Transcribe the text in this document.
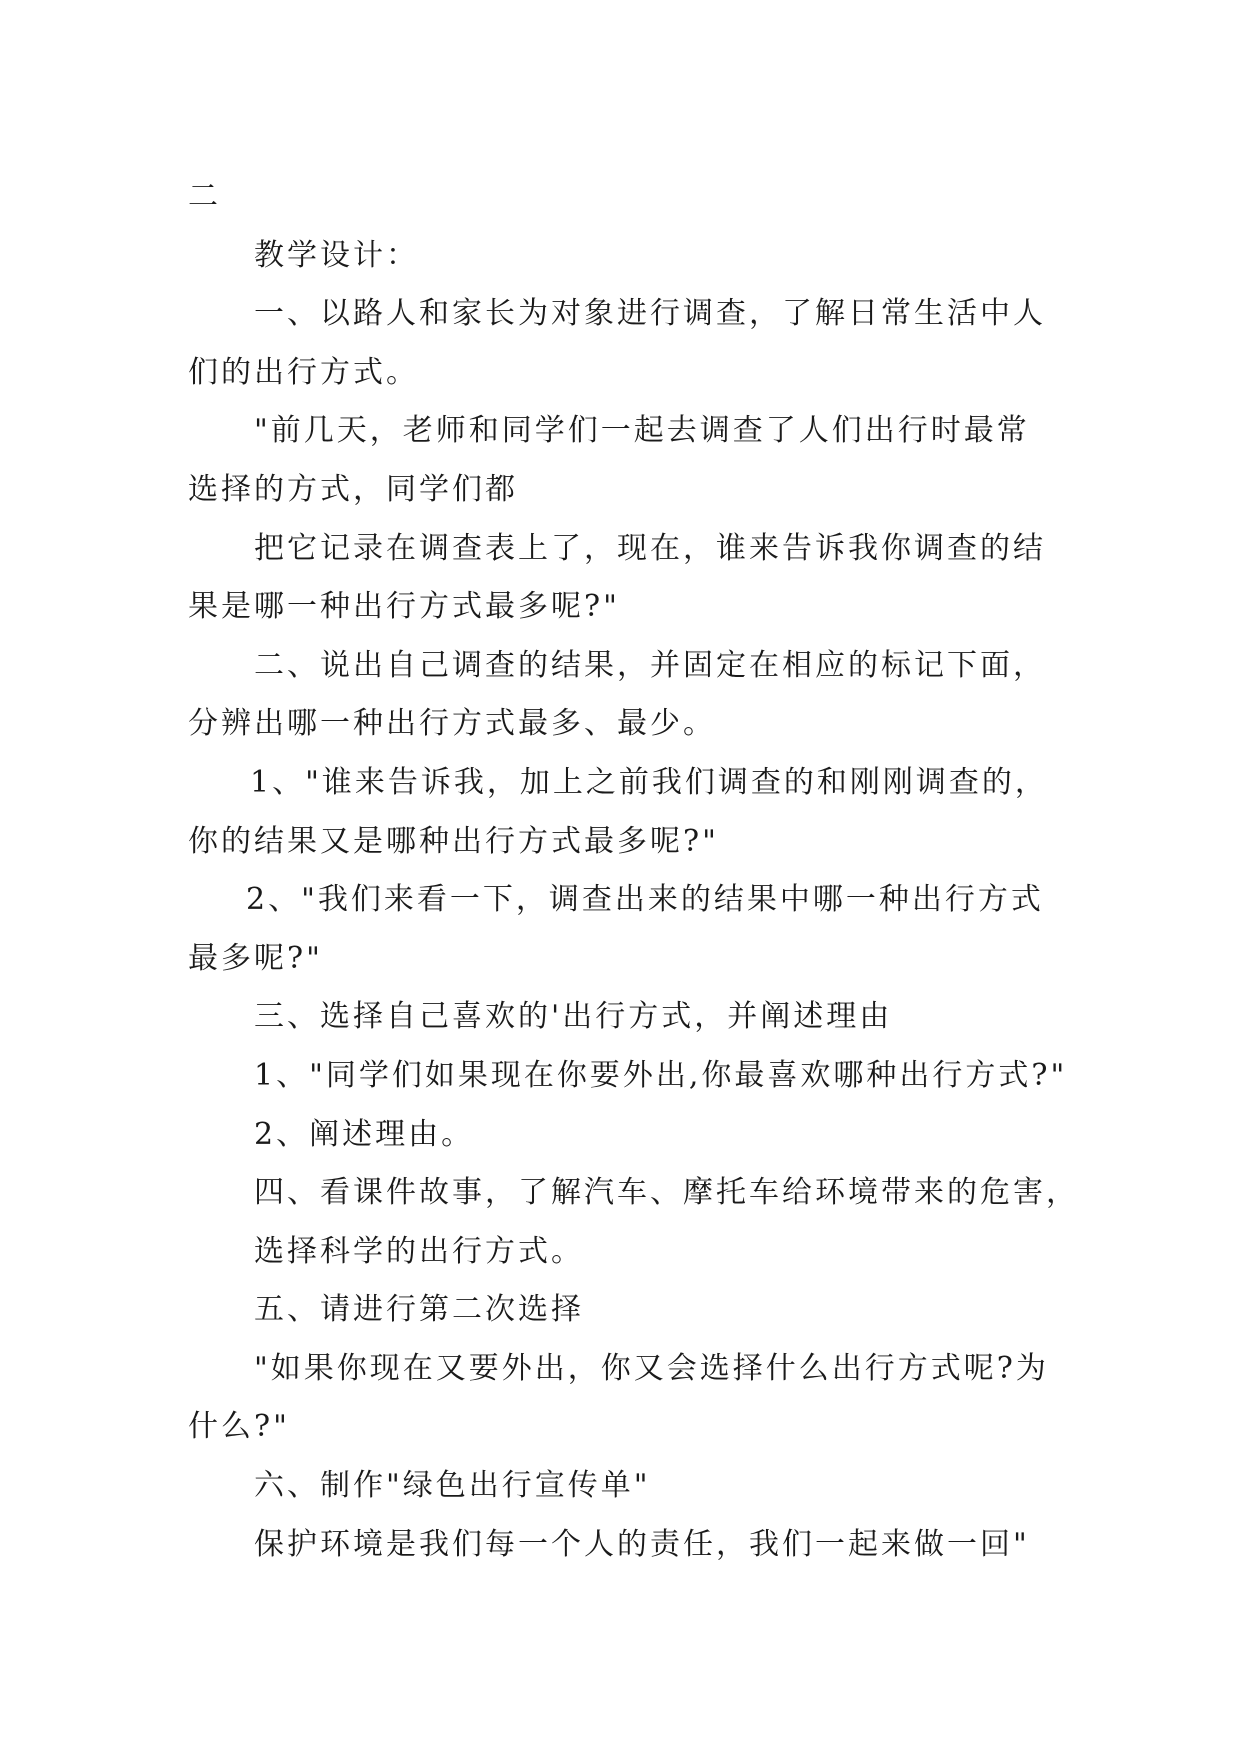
二
教学设计：
一、以路人和家长为对象进行调查，了解日常生活中人
们的出行方式。
"前几天，老师和同学们一起去调查了人们出行时最常
选择的方式，同学们都
把它记录在调查表上了，现在，谁来告诉我你调查的结
果是哪一种出行方式最多呢?"
二、说出自己调查的结果，并固定在相应的标记下面，
分辨出哪一种出行方式最多、最少。
1、"谁来告诉我，加上之前我们调查的和刚刚调查的，
你的结果又是哪种出行方式最多呢?"
2、"我们来看一下，调查出来的结果中哪一种出行方式
最多呢?"
三、选择自己喜欢的'出行方式，并阐述理由
1、"同学们如果现在你要外出,你最喜欢哪种出行方式?"
2、阐述理由。
四、看课件故事，了解汽车、摩托车给环境带来的危害，
选择科学的出行方式。
五、请进行第二次选择
"如果你现在又要外出，你又会选择什么出行方式呢?为
什么?"
六、制作"绿色出行宣传单"
保护环境是我们每一个人的责任，我们一起来做一回"
